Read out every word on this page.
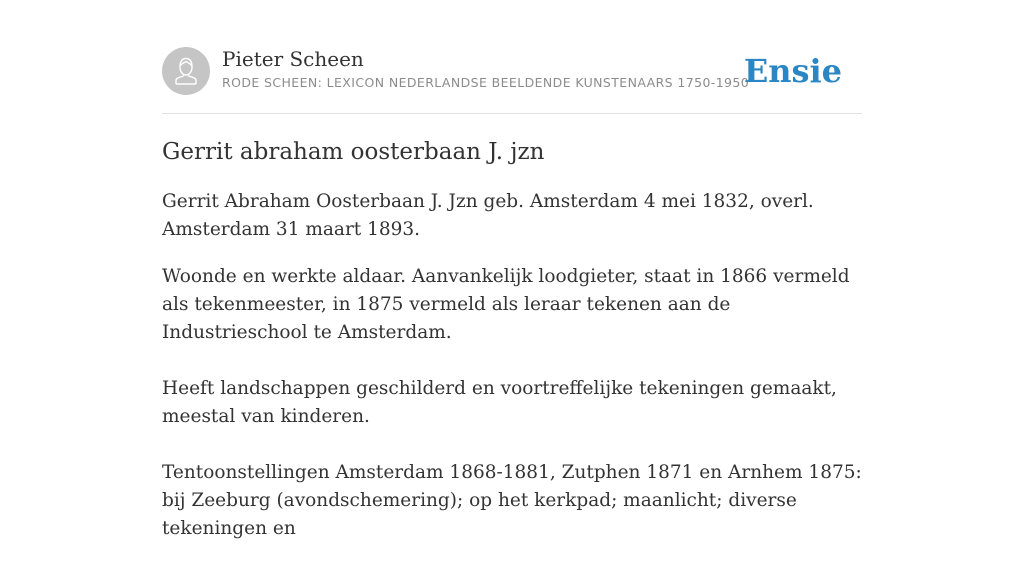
Pieter Scheen
RODE SCHEEN: LEXICON NEDERLANDSE BEELDENDE KUNSTENAARS 1750-1950
Ensie
Gerrit abraham oosterbaan J. jzn

Gerrit Abraham Oosterbaan J. Jzn geb. Amsterdam 4 mei 1832, overl. Amsterdam 31 maart 1893.

Woonde en werkte aldaar. Aanvankelijk loodgieter, staat in 1866 vermeld als tekenmeester, in 1875 vermeld als leraar tekenen aan de Industrieschool te Amsterdam.

Heeft landschappen geschilderd en voortreffelijke tekeningen gemaakt, meestal van kinderen.

Tentoonstellingen Amsterdam 1868-1881, Zutphen 1871 en Arnhem 1875: bij Zeeburg (avondschemering); op het kerkpad; maanlicht; diverse tekeningen en
